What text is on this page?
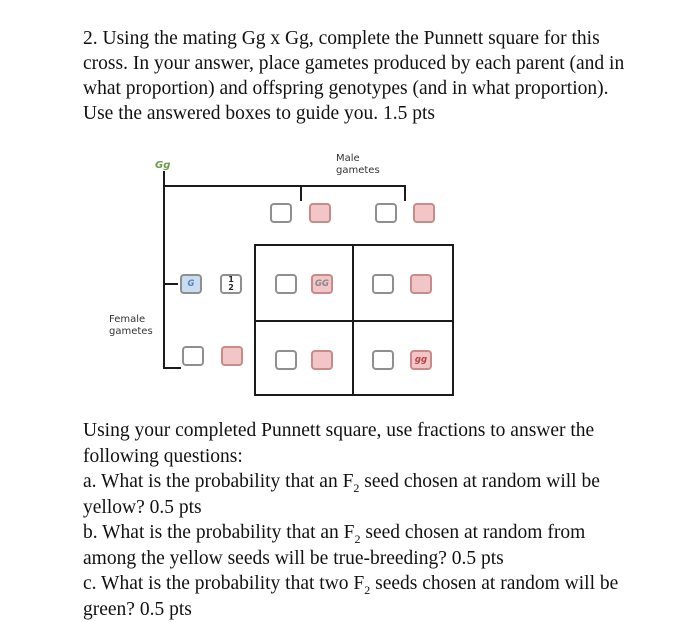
2. Using the mating Gg x Gg, complete the Punnett square for this cross. In your answer, place gametes produced by each parent (and in what proportion) and offspring genotypes (and in what proportion). Use the answered boxes to guide you. 1.5 pts

Gg
Male
gametes
Female
gametes
G	1
2	GG
gg

Using your completed Punnett square, use fractions to answer the following questions:

a. What is the probability that an $F_2$ seed chosen at random will be yellow? 0.5 pts

b. What is the probability that an $F_2$ seed chosen at random from among the yellow seeds will be true-breeding? 0.5 pts

c. What is the probability that two $F_2$ seeds chosen at random will be green? 0.5 pts
